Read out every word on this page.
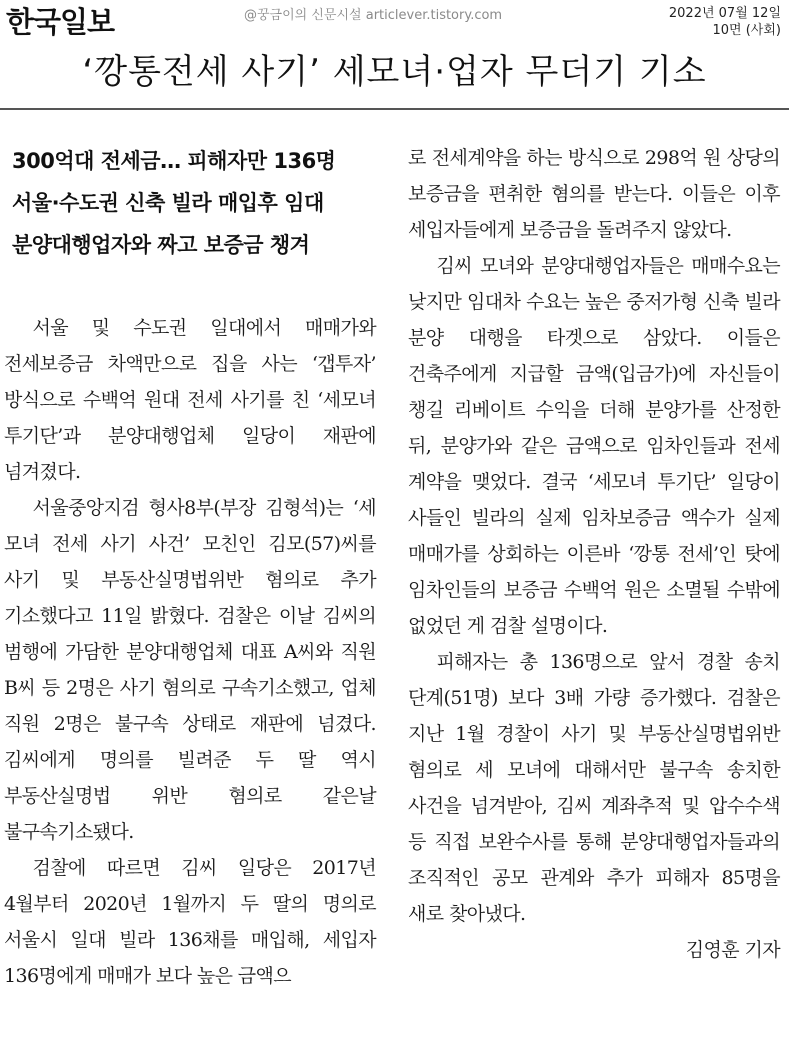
한국일보	@꿍금이의 신문시설 articlever.tistory.com	2022년 07월 12일
10면 (사회)
‘깡통전세 사기’ 세모녀·업자 무더기 기소
300억대 전세금… 피해자만 136명
서울·수도권 신축 빌라 매입후 임대
분양대행업자와 짜고 보증금 챙겨

서울 및 수도권 일대에서 매매가와 전세보증금 차액만으로 집을 사는 ‘갭투자’ 방식으로 수백억 원대 전세 사기를 친 ‘세모녀 투기단’과 분양대행업체 일당이 재판에 넘겨졌다.

서울중앙지검 형사8부(부장 김형석)는 ‘세 모녀 전세 사기 사건’ 모친인 김모(57)씨를 사기 및 부동산실명법위반 혐의로 추가 기소했다고 11일 밝혔다. 검찰은 이날 김씨의 범행에 가담한 분양대행업체 대표 A씨와 직원 B씨 등 2명은 사기 혐의로 구속기소했고, 업체 직원 2명은 불구속 상태로 재판에 넘겼다. 김씨에게 명의를 빌려준 두 딸 역시 부동산실명법 위반 혐의로 같은날 불구속기소됐다.

검찰에 따르면 김씨 일당은 2017년 4월부터 2020년 1월까지 두 딸의 명의로 서울시 일대 빌라 136채를 매입해, 세입자 136명에게 매매가 보다 높은 금액으

로 전세계약을 하는 방식으로 298억 원 상당의 보증금을 편취한 혐의를 받는다. 이들은 이후 세입자들에게 보증금을 돌려주지 않았다.

김씨 모녀와 분양대행업자들은 매매수요는 낮지만 임대차 수요는 높은 중저가형 신축 빌라 분양 대행을 타겟으로 삼았다. 이들은 건축주에게 지급할 금액(입금가)에 자신들이 챙길 리베이트 수익을 더해 분양가를 산정한 뒤, 분양가와 같은 금액으로 임차인들과 전세 계약을 맺었다. 결국 ‘세모녀 투기단’ 일당이 사들인 빌라의 실제 임차보증금 액수가 실제 매매가를 상회하는 이른바 ‘깡통 전세’인 탓에 임차인들의 보증금 수백억 원은 소멸될 수밖에 없었던 게 검찰 설명이다.

피해자는 총 136명으로 앞서 경찰 송치 단계(51명) 보다 3배 가량 증가했다. 검찰은 지난 1월 경찰이 사기 및 부동산실명법위반 혐의로 세 모녀에 대해서만 불구속 송치한 사건을 넘겨받아, 김씨 계좌추적 및 압수수색 등 직접 보완수사를 통해 분양대행업자들과의 조직적인 공모 관계와 추가 피해자 85명을 새로 찾아냈다.

김영훈 기자
